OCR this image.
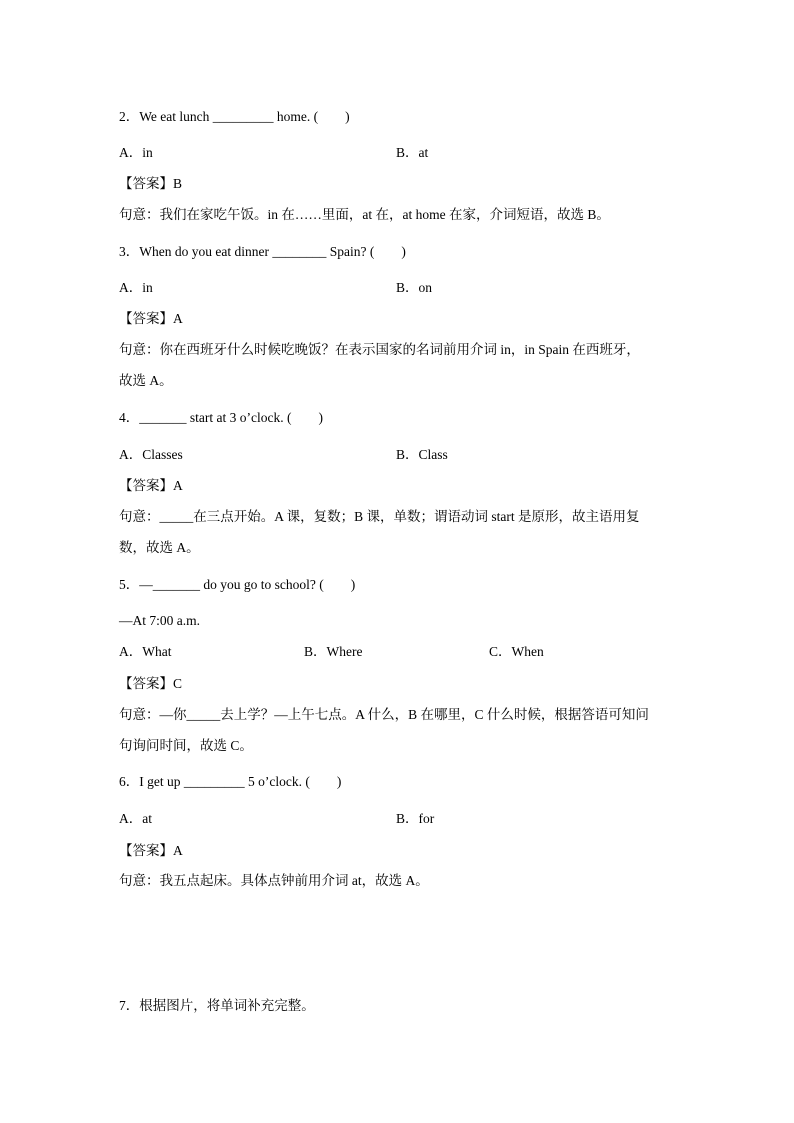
2．We eat lunch _________ home. (　　)
A．in	B．at
【答案】B
句意：我们在家吃午饭。in 在……里面，at 在，at home 在家，介词短语，故选 B。
3．When do you eat dinner ________ Spain? (　　)
A．in	B．on
【答案】A
句意：你在西班牙什么时候吃晚饭？在表示国家的名词前用介词 in，in Spain 在西班牙，
故选 A。
4．_______ start at 3 o’clock. (　　)
A．Classes	B．Class
【答案】A
句意：_____在三点开始。A 课，复数；B 课，单数；谓语动词 start 是原形，故主语用复
数，故选 A。
5．—_______ do you go to school? (　　)
—At 7:00 a.m.
A．What	B．Where	C．When
【答案】C
句意：—你_____去上学？—上午七点。A 什么，B 在哪里，C 什么时候，根据答语可知问
句询问时间，故选 C。
6．I get up _________ 5 o’clock. (　　)
A．at	B．for
【答案】A
句意：我五点起床。具体点钟前用介词 at，故选 A。
7．根据图片，将单词补充完整。
